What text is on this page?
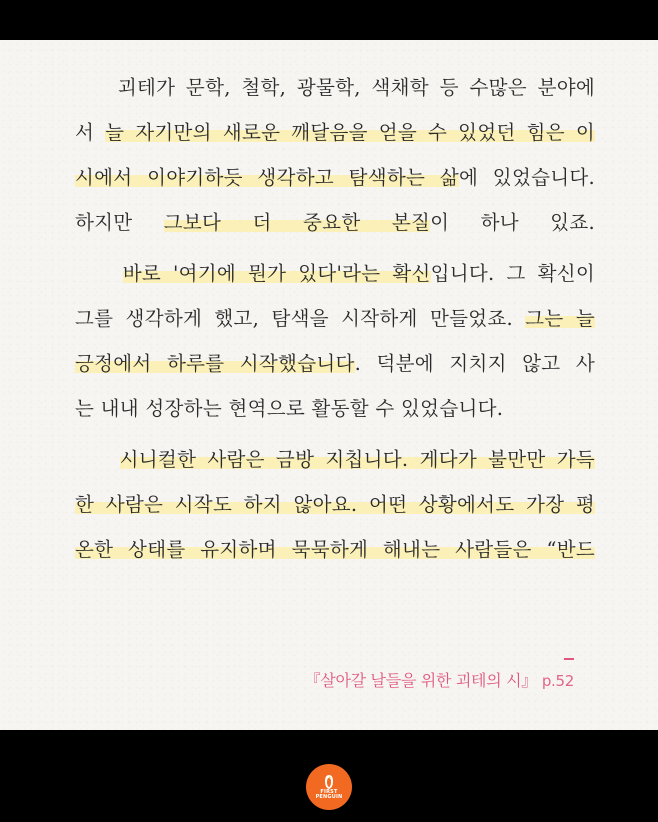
괴테가 문학, 철학, 광물학, 색채학 등 수많은 분야에
서 늘 자기만의 새로운 깨달음을 얻을 수 있었던 힘은 이
시에서 이야기하듯 생각하고 탐색하는 삶에 있었습니다.
하지만 그보다 더 중요한 본질이 하나 있죠.
바로 '여기에 뭔가 있다'라는 확신입니다. 그 확신이
그를 생각하게 했고, 탐색을 시작하게 만들었죠. 그는 늘
긍정에서 하루를 시작했습니다. 덕분에 지치지 않고 사
는 내내 성장하는 현역으로 활동할 수 있었습니다.
시니컬한 사람은 금방 지칩니다. 게다가 불만만 가득
한 사람은 시작도 하지 않아요. 어떤 상황에서도 가장 평
온한 상태를 유지하며 묵묵하게 해내는 사람들은 “반드
『살아갈 날들을 위한 괴테의 시』 p.52
FIRST
PENGUIN
